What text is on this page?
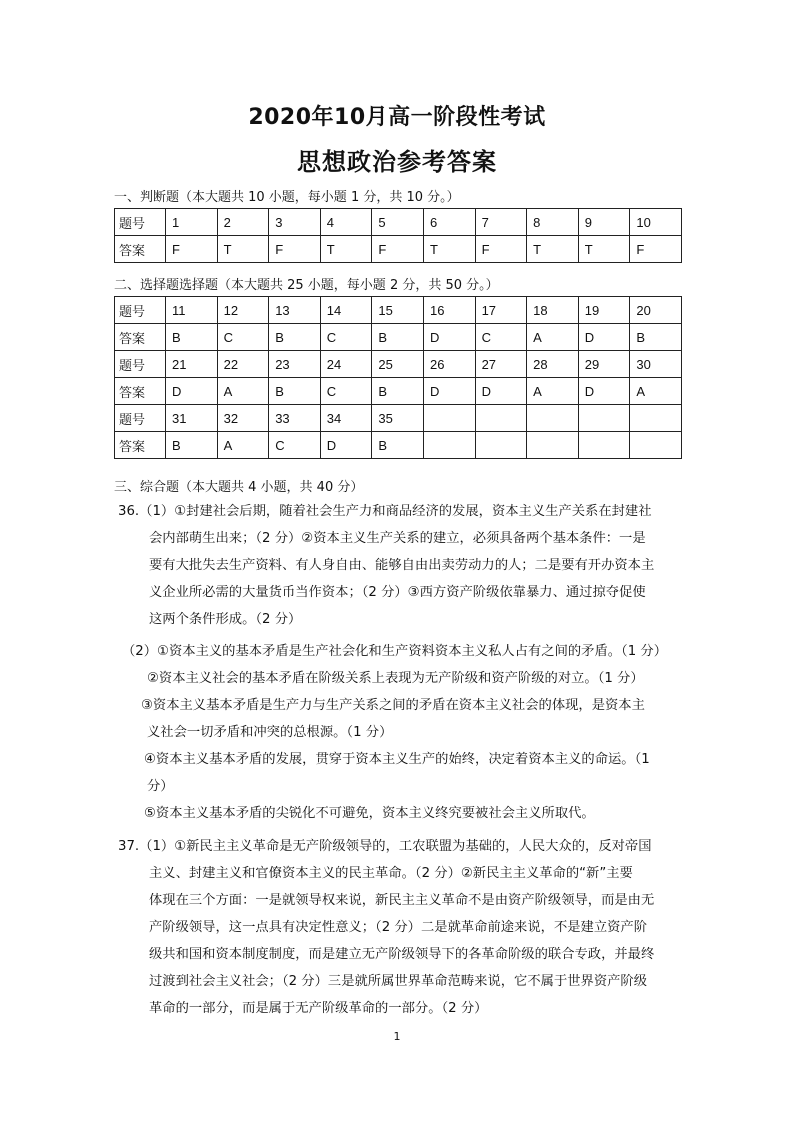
2020年10月高一阶段性考试
思想政治参考答案
一、判断题（本大题共 10 小题，每小题 1 分，共 10 分。）
题号	1	2	3	4	5	6	7	8	9	10
答案	F	T	F	T	F	T	F	T	T	F
二、选择题选择题（本大题共 25 小题，每小题 2 分，共 50 分。）
题号	11	12	13	14	15	16	17	18	19	20
答案	B	C	B	C	B	D	C	A	D	B
题号	21	22	23	24	25	26	27	28	29	30
答案	D	A	B	C	B	D	D	A	D	A
题号	31	32	33	34	35					
答案	B	A	C	D	B					
三、综合题（本大题共 4 小题，共 40 分）
36.（1）①封建社会后期，随着社会生产力和商品经济的发展，资本主义生产关系在封建社
会内部萌生出来；（2 分）②资本主义生产关系的建立，必须具备两个基本条件：一是
要有大批失去生产资料、有人身自由、能够自由出卖劳动力的人；二是要有开办资本主
义企业所必需的大量货币当作资本；（2 分）③西方资产阶级依靠暴力、通过掠夺促使
这两个条件形成。（2 分）
（2）①资本主义的基本矛盾是生产社会化和生产资料资本主义私人占有之间的矛盾。（1 分）
②资本主义社会的基本矛盾在阶级关系上表现为无产阶级和资产阶级的对立。（1 分）
③资本主义基本矛盾是生产力与生产关系之间的矛盾在资本主义社会的体现，是资本主
义社会一切矛盾和冲突的总根源。（1 分）
④资本主义基本矛盾的发展，贯穿于资本主义生产的始终，决定着资本主义的命运。（1
分）
⑤资本主义基本矛盾的尖锐化不可避免，资本主义终究要被社会主义所取代。
37.（1）①新民主主义革命是无产阶级领导的，工农联盟为基础的，人民大众的，反对帝国
主义、封建主义和官僚资本主义的民主革命。（2 分）②新民主主义革命的“新”主要
体现在三个方面：一是就领导权来说，新民主主义革命不是由资产阶级领导，而是由无
产阶级领导，这一点具有决定性意义；（2 分）二是就革命前途来说，不是建立资产阶
级共和国和资本制度制度，而是建立无产阶级领导下的各革命阶级的联合专政，并最终
过渡到社会主义社会；（2 分）三是就所属世界革命范畴来说，它不属于世界资产阶级
革命的一部分，而是属于无产阶级革命的一部分。（2 分）
1
